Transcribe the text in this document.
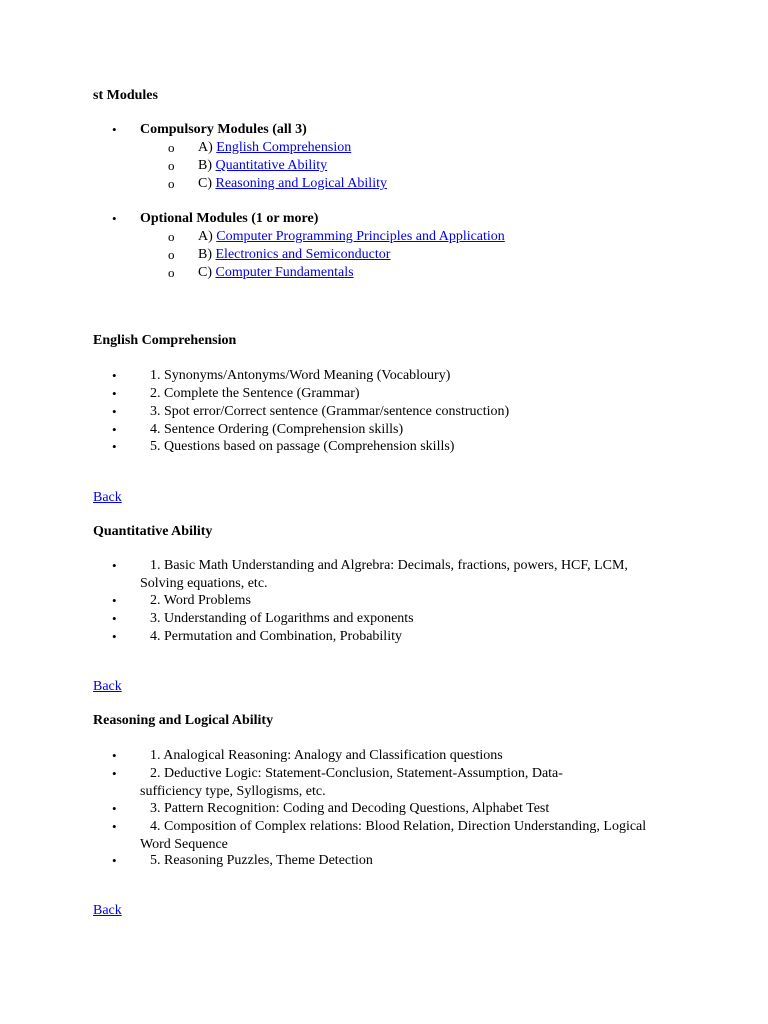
st Modules
• Compulsory Modules (all 3)
o A) English Comprehension
o B) Quantitative Ability
o C) Reasoning and Logical Ability
• Optional Modules (1 or more)
o A) Computer Programming Principles and Application
o B) Electronics and Semiconductor
o C) Computer Fundamentals
English Comprehension
• 1. Synonyms/Antonyms/Word Meaning (Vocabloury)
• 2. Complete the Sentence (Grammar)
• 3. Spot error/Correct sentence (Grammar/sentence construction)
• 4. Sentence Ordering (Comprehension skills)
• 5. Questions based on passage (Comprehension skills)
Back
Quantitative Ability
•	1. Basic Math Understanding and Algrebra: Decimals, fractions, powers, HCF, LCM, Solving equations, etc.
• 2. Word Problems
• 3. Understanding of Logarithms and exponents
• 4. Permutation and Combination, Probability
Back
Reasoning and Logical Ability
• 1. Analogical Reasoning: Analogy and Classification questions
•	2. Deductive Logic: Statement-Conclusion, Statement-Assumption, Data-sufficiency type, Syllogisms, etc.
• 3. Pattern Recognition: Coding and Decoding Questions, Alphabet Test
•	4. Composition of Complex relations: Blood Relation, Direction Understanding, Logical Word Sequence
• 5. Reasoning Puzzles, Theme Detection
Back
